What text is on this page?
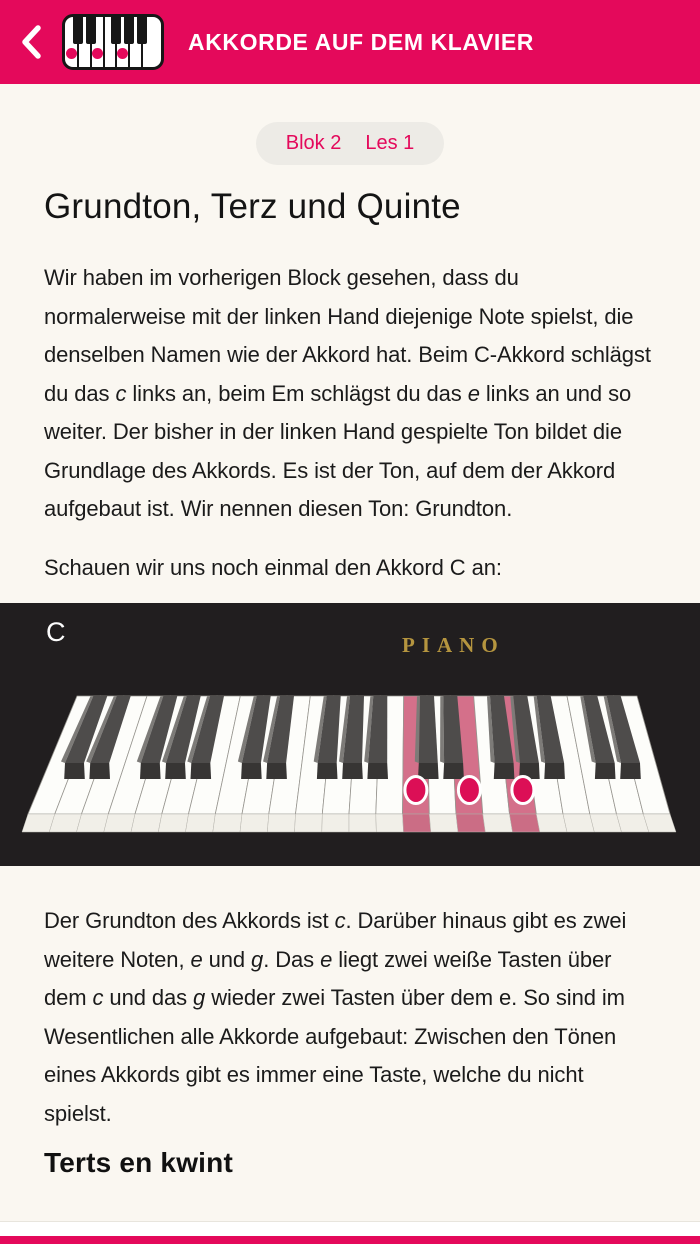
AKKORDE AUF DEM KLAVIER
Blok 2 Les 1
Grundton, Terz und Quinte

Wir haben im vorherigen Block gesehen, dass du normalerweise mit der linken Hand diejenige Note spielst, die denselben Namen wie der Akkord hat. Beim C-Akkord schlägst du das c links an, beim Em schlägst du das e links an und so weiter. Der bisher in der linken Hand gespielte Ton bildet die Grundlage des Akkords. Es ist der Ton, auf dem der Akkord aufgebaut ist. Wir nennen diesen Ton: Grundton.

Schauen wir uns noch einmal den Akkord C an:

C	PIANO

Der Grundton des Akkords ist c. Darüber hinaus gibt es zwei weitere Noten, e und g. Das e liegt zwei weiße Tasten über dem c und das g wieder zwei Tasten über dem e. So sind im Wesentlichen alle Akkorde aufgebaut: Zwischen den Tönen eines Akkords gibt es immer eine Taste, welche du nicht spielst.

Terts en kwint
